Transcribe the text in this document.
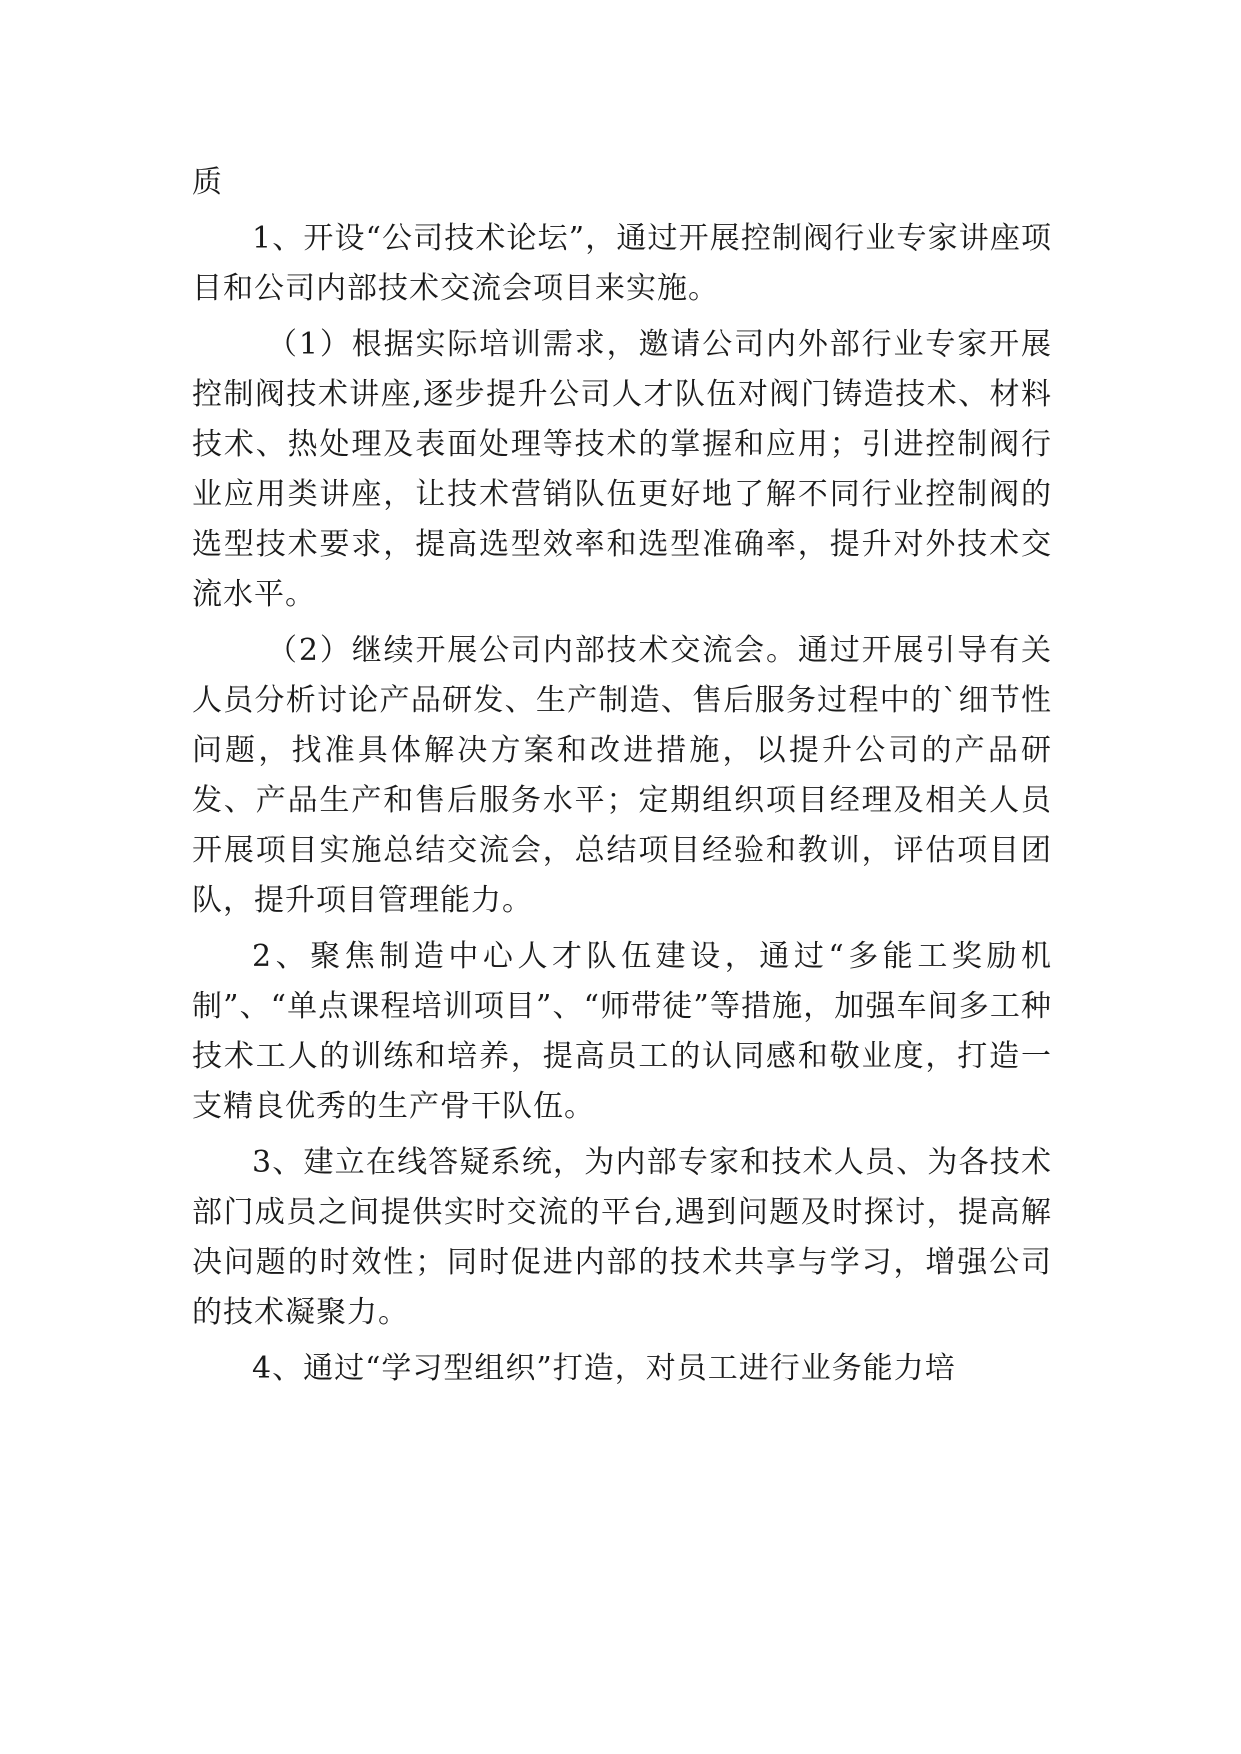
质

1、开设“公司技术论坛”，通过开展控制阀行业专家讲座项目和公司内部技术交流会项目来实施。

（1）根据实际培训需求，邀请公司内外部行业专家开展控制阀技术讲座,逐步提升公司人才队伍对阀门铸造技术、材料技术、热处理及表面处理等技术的掌握和应用；引进控制阀行业应用类讲座，让技术营销队伍更好地了解不同行业控制阀的选型技术要求，提高选型效率和选型准确率，提升对外技术交流水平。

（2）继续开展公司内部技术交流会。通过开展引导有关人员分析讨论产品研发、生产制造、售后服务过程中的`细节性问题，找准具体解决方案和改进措施，以提升公司的产品研发、产品生产和售后服务水平；定期组织项目经理及相关人员开展项目实施总结交流会，总结项目经验和教训，评估项目团队，提升项目管理能力。

2、聚焦制造中心人才队伍建设，通过“多能工奖励机制”、“单点课程培训项目”、“师带徒”等措施，加强车间多工种技术工人的训练和培养，提高员工的认同感和敬业度，打造一支精良优秀的生产骨干队伍。

3、建立在线答疑系统，为内部专家和技术人员、为各技术部门成员之间提供实时交流的平台,遇到问题及时探讨，提高解决问题的时效性；同时促进内部的技术共享与学习，增强公司的技术凝聚力。

4、通过“学习型组织”打造，对员工进行业务能力培
